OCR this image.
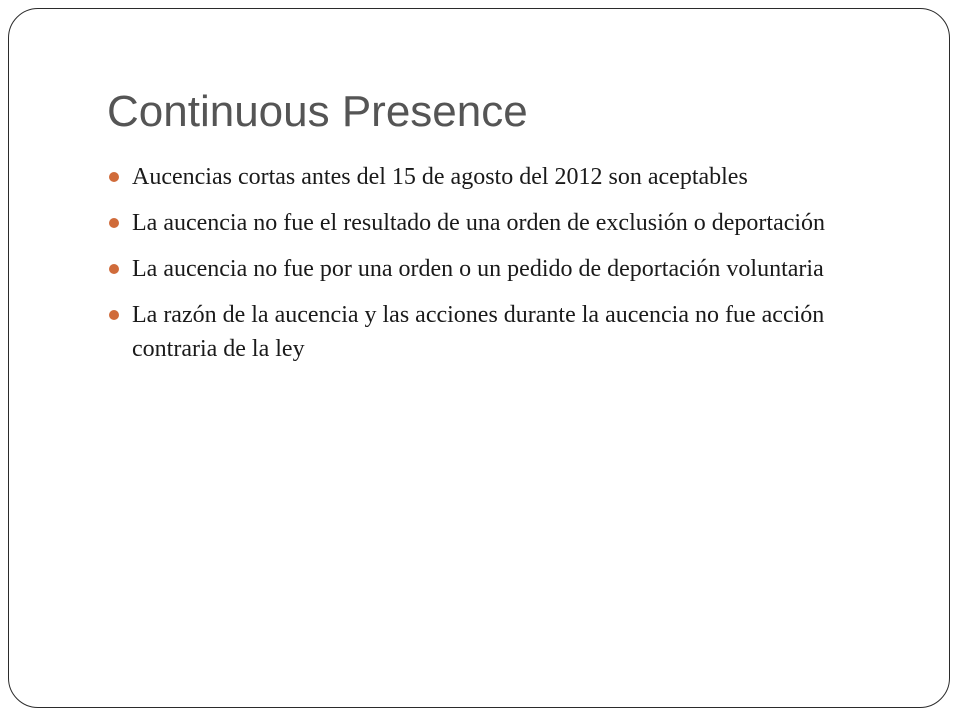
Continuous Presence
Aucencias cortas antes del 15 de agosto del 2012 son aceptables
La aucencia no fue el resultado de una orden de exclusión o deportación
La aucencia no fue por una orden o un pedido de deportación voluntaria
La razón de la aucencia y las acciones durante la aucencia no fue acción contraria de la ley
